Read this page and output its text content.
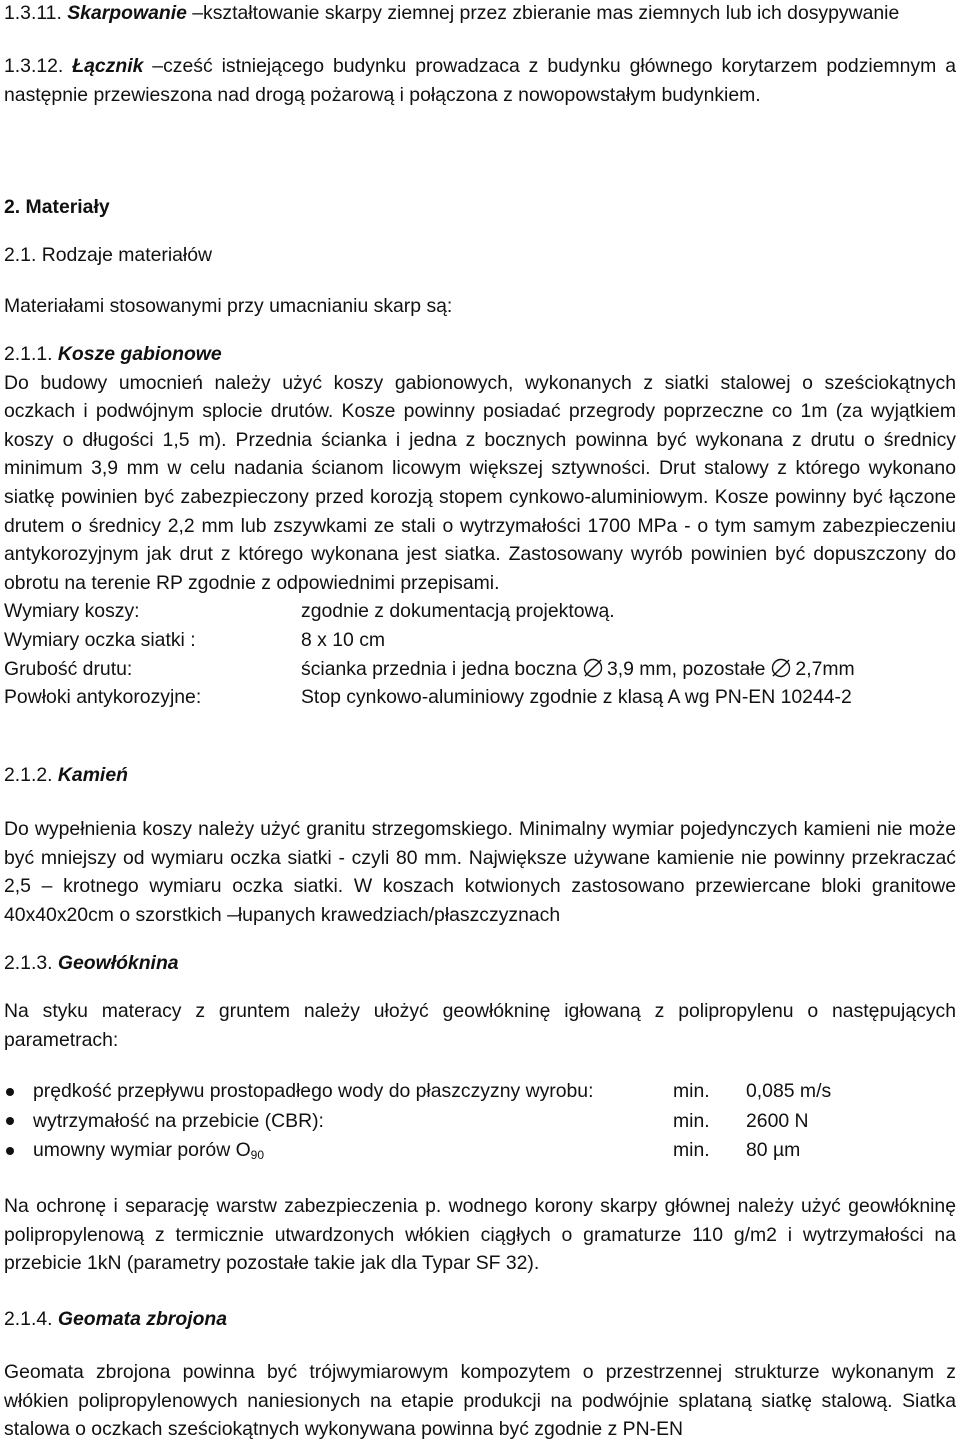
1.3.11. Skarpowanie –kształtowanie skarpy ziemnej przez zbieranie mas ziemnych lub ich dosypywanie

1.3.12. Łącznik –cześć istniejącego budynku prowadzaca z budynku głównego korytarzem podziemnym a następnie przewieszona nad drogą pożarową i połączona z nowopowstałym budynkiem.

2. Materiały

2.1. Rodzaje materiałów

Materiałami stosowanymi przy umacnianiu skarp są:

2.1.1. Kosze gabionowe

Do budowy umocnień należy użyć koszy gabionowych, wykonanych z siatki stalowej o sześciokątnych oczkach i podwójnym splocie drutów. Kosze powinny posiadać przegrody poprzeczne co 1m (za wyjątkiem koszy o długości 1,5 m). Przednia ścianka i jedna z bocznych powinna być wykonana z drutu o średnicy minimum 3,9 mm w celu nadania ścianom licowym większej sztywności. Drut stalowy z którego wykonano siatkę powinien być zabezpieczony przed korozją stopem cynkowo-aluminiowym. Kosze powinny być łączone drutem o średnicy 2,2 mm lub zszywkami ze stali o wytrzymałości 1700 MPa - o tym samym zabezpieczeniu antykorozyjnym jak drut z którego wykonana jest siatka. Zastosowany wyrób powinien być dopuszczony do obrotu na terenie RP zgodnie z odpowiednimi przepisami.

Wymiary koszy:	zgodnie z dokumentacją projektową.
Wymiary oczka siatki :	8 x 10 cm
Grubość drutu:	ścianka przednia i jedna boczna 3,9 mm, pozostałe 2,7mm
Powłoki antykorozyjne:	Stop cynkowo-aluminiowy zgodnie z klasą A wg PN-EN 10244-2

2.1.2. Kamień

Do wypełnienia koszy należy użyć granitu strzegomskiego. Minimalny wymiar pojedynczych kamieni nie może być mniejszy od wymiaru oczka siatki - czyli 80 mm. Największe używane kamienie nie powinny przekraczać 2,5 – krotnego wymiaru oczka siatki. W koszach kotwionych zastosowano przewiercane bloki granitowe 40x40x20cm o szorstkich –łupanych krawedziach/płaszczyznach

2.1.3. Geowłóknina

Na styku materacy z gruntem należy ułożyć geowłókninę igłowaną z polipropylenu o następujących parametrach:

prędkość przepływu prostopadłego wody do płaszczyzny wyrobu:	min.	0,085 m/s
wytrzymałość na przebicie (CBR):	min.	2600 N
umowny wymiar porów $O_{90}$	min.	80 µm

Na ochronę i separację warstw zabezpieczenia p. wodnego korony skarpy głównej należy użyć geowłókninę polipropylenową z termicznie utwardzonych włókien ciągłych o gramaturze 110 g/m2 i wytrzymałości na przebicie 1kN (parametry pozostałe takie jak dla Typar SF 32).

2.1.4. Geomata zbrojona

Geomata zbrojona powinna być trójwymiarowym kompozytem o przestrzennej strukturze wykonanym z włókien polipropylenowych naniesionych na etapie produkcji na podwójnie splataną siatkę stalową. Siatka stalowa o oczkach sześciokątnych wykonywana powinna być zgodnie z PN-EN
